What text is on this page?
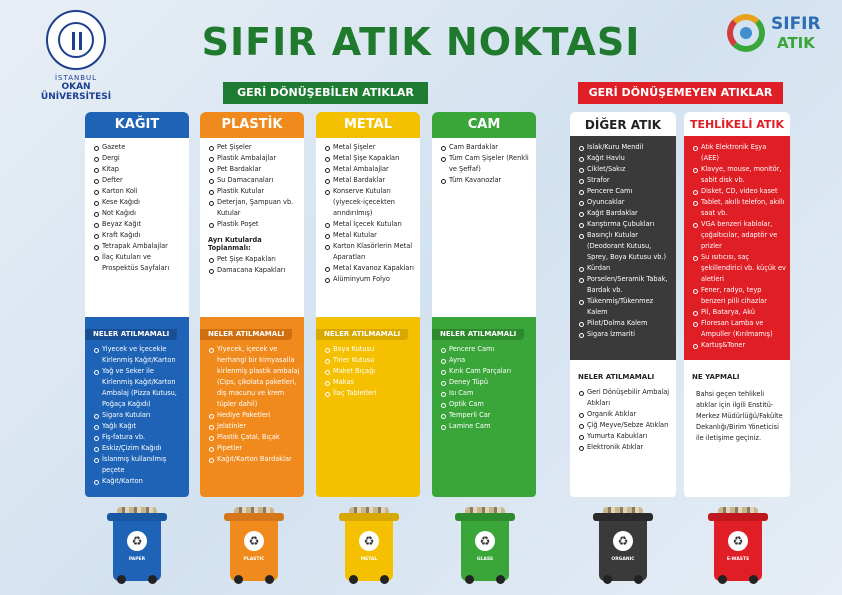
İSTANBUL
OKAN ÜNİVERSİTESİ
SIFIR ATIK NOKTASI	SIFIR
ATIK
GERİ DÖNÜŞEBİLEN ATIKLAR	GERİ DÖNÜŞEMEYEN ATIKLAR
KAĞIT
Gazete
Dergi
Kitap
Defter
Karton Koli
Kese Kağıdı
Not Kağıdı
Beyaz Kağıt
Kraft Kağıdı
Tetrapak Ambalajlar
İlaç Kutuları ve Prospektüs Sayfaları
NELER ATILMAMALI
Yiyecek ve İçecekle Kirlenmiş Kağıt/Karton
Yağ ve Seker ile Kirlenmiş Kağıt/Karton Ambalaj (Pizza Kutusu, Poğaça Kağıdı)
Sigara Kutuları
Yağlı Kağıt
Fiş-fatura vb.
Eskiz/Çizim Kağıdı
İslanmış kullanılmış peçete
Kağıt/Karton
PLASTİK
Pet Şişeler
Plastik Ambalajlar
Pet Bardaklar
Su Damacanaları
Plastik Kutular
Deterjan, Şampuan vb. Kutular
Plastik Poşet
Ayrı Kutularda Toplanmalı:
Pet Şişe Kapakları
Damacana Kapakları
NELER ATILMAMALI
Yiyecek, içecek ve herhangi bir kimyasalla kirlenmiş plastik ambalaj (Cips, çikolata paketleri, diş macunu ve krem tüpler dahil)
Hediye Paketleri
Jelatinler
Plastik Çatal, Bıçak
Pipetler
Kağıt/Karton Bardaklar
METAL
Metal Şişeler
Metal Şişe Kapakları
Metal Ambalajlar
Metal Bardaklar
Konserve Kutuları (yiyecek-içecekten arındırılmış)
Metal İçecek Kutuları
Metal Kutular
Karton Klasörlerin Metal Aparatları
Metal Kavanoz Kapakları
Alüminyum Folyo
NELER ATILMAMALI
Boya Kutusu
Tiner Kutusu
Maket Bıçağı
Makas
İlaç Tabletleri
CAM
Cam Bardaklar
Tüm Cam Şişeler (Renkli ve Şeffaf)
Tüm Kavanozlar
NELER ATILMAMALI
Pencere Camı
Ayna
Kırık Cam Parçaları
Deney Tüpü
Isı Cam
Optik Cam
Temperli Car
Lamine Cam
DİĞER ATIK
Islak/Kuru Mendil
Kağıt Havlu
Ciklet/Sakız
Strafor
Pencere Camı
Oyuncaklar
Kağıt Bardaklar
Karıştırma Çubukları
Basınçlı Kutular (Deodorant Kutusu, Sprey, Boya Kutusu vb.)
Kürdan
Porselen/Seramik Tabak, Bardak vb.
Tükenmiş/Tükenmez Kalem
Pilot/Dolma Kalem
Sigara İzmariti
NELER ATILMAMALI
Geri Dönüşebilir Ambalaj Atıkları
Organik Atıklar
Çiğ Meyve/Sebze Atıkları
Yumurta Kabukları
Elektronik Atıklar
TEHLİKELİ ATIK
Atık Elektronik Eşya (AEE)
Klavye, mouse, monitör, sabit disk vb.
Disket, CD, video kaset
Tablet, akıllı telefon, akıllı saat vb.
VGA benzeri kablolar, çoğaltıcılar, adaptör ve prizler
Su ısıtıcısı, saç şekillendirici vb. küçük ev aletleri
Fener, radyo, teyp benzeri pilli cihazlar
Pil, Batarya, Akü
Floresan Lamba ve Ampuller (Kırılmamış)
Kartuş&Toner
NE YAPMALI
Bahsi geçen tehlikeli atıklar için ilgili Enstitü-Merkez Müdürlüğü/Fakülte Dekanlığı/Birim Yöneticisi ile iletişime geçiniz.
♻
PAPER
♻
PLASTIC
♻
METAL
♻
GLASS
♻
ORGANIC
♻
E-WASTE
